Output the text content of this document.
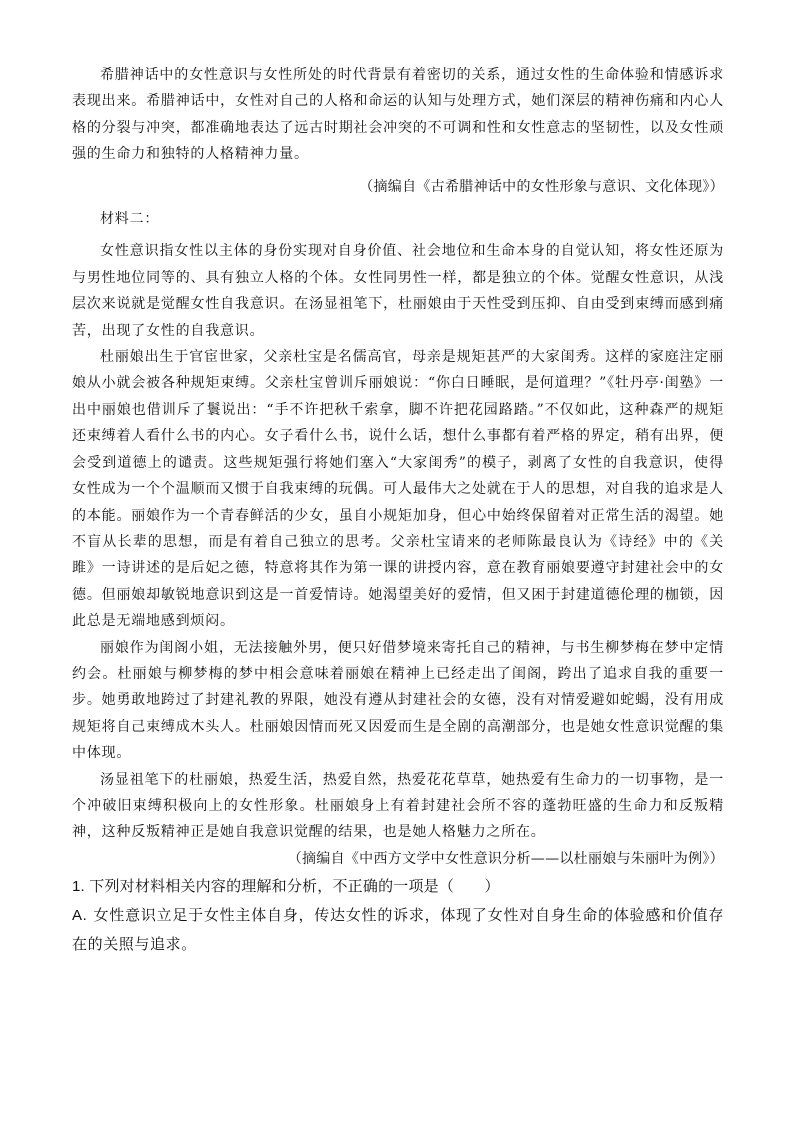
希腊神话中的女性意识与女性所处的时代背景有着密切的关系，通过女性的生命体验和情感诉求表现出来。希腊神话中，女性对自己的人格和命运的认知与处理方式，她们深层的精神伤痛和内心人格的分裂与冲突，都准确地表达了远古时期社会冲突的不可调和性和女性意志的坚韧性，以及女性顽强的生命力和独特的人格精神力量。

（摘编自《古希腊神话中的女性形象与意识、文化体现》）

材料二：

女性意识指女性以主体的身份实现对自身价值、社会地位和生命本身的自觉认知，将女性还原为与男性地位同等的、具有独立人格的个体。女性同男性一样，都是独立的个体。觉醒女性意识，从浅层次来说就是觉醒女性自我意识。在汤显祖笔下，杜丽娘由于天性受到压抑、自由受到束缚而感到痛苦，出现了女性的自我意识。

杜丽娘出生于官宦世家，父亲杜宝是名儒高官，母亲是规矩甚严的大家闺秀。这样的家庭注定丽娘从小就会被各种规矩束缚。父亲杜宝曾训斥丽娘说：“你白日睡眠，是何道理？”《牡丹亭·闺塾》一出中丽娘也借训斥了鬟说出：“手不许把秋千索拿，脚不许把花园路踏。”不仅如此，这种森严的规矩还束缚着人看什么书的内心。女子看什么书，说什么话，想什么事都有着严格的界定，稍有出界，便会受到道德上的谴责。这些规矩强行将她们塞入“大家闺秀”的模子，剥离了女性的自我意识，使得女性成为一个个温顺而又惯于自我束缚的玩偶。可人最伟大之处就在于人的思想，对自我的追求是人的本能。丽娘作为一个青春鲜活的少女，虽自小规矩加身，但心中始终保留着对正常生活的渴望。她不盲从长辈的思想，而是有着自己独立的思考。父亲杜宝请来的老师陈最良认为《诗经》中的《关雎》一诗讲述的是后妃之德，特意将其作为第一课的讲授内容，意在教育丽娘要遵守封建社会中的女德。但丽娘却敏锐地意识到这是一首爱情诗。她渴望美好的爱情，但又困于封建道德伦理的枷锁，因此总是无端地感到烦闷。

丽娘作为闺阁小姐，无法接触外男，便只好借梦境来寄托自己的精神，与书生柳梦梅在梦中定情约会。杜丽娘与柳梦梅的梦中相会意味着丽娘在精神上已经走出了闺阁，跨出了追求自我的重要一步。她勇敢地跨过了封建礼教的界限，她没有遵从封建社会的女德，没有对情爱避如蛇蝎，没有用成规矩将自己束缚成木头人。杜丽娘因情而死又因爱而生是全剧的高潮部分，也是她女性意识觉醒的集中体现。

汤显祖笔下的杜丽娘，热爱生活，热爱自然，热爱花花草草，她热爱有生命力的一切事物，是一个冲破旧束缚积极向上的女性形象。杜丽娘身上有着封建社会所不容的蓬勃旺盛的生命力和反叛精神，这种反叛精神正是她自我意识觉醒的结果，也是她人格魅力之所在。

（摘编自《中西方文学中女性意识分析——以杜丽娘与朱丽叶为例》）

1. 下列对材料相关内容的理解和分析，不正确的一项是（　　）

A. 女性意识立足于女性主体自身，传达女性的诉求，体现了女性对自身生命的体验感和价值存在的关照与追求。
